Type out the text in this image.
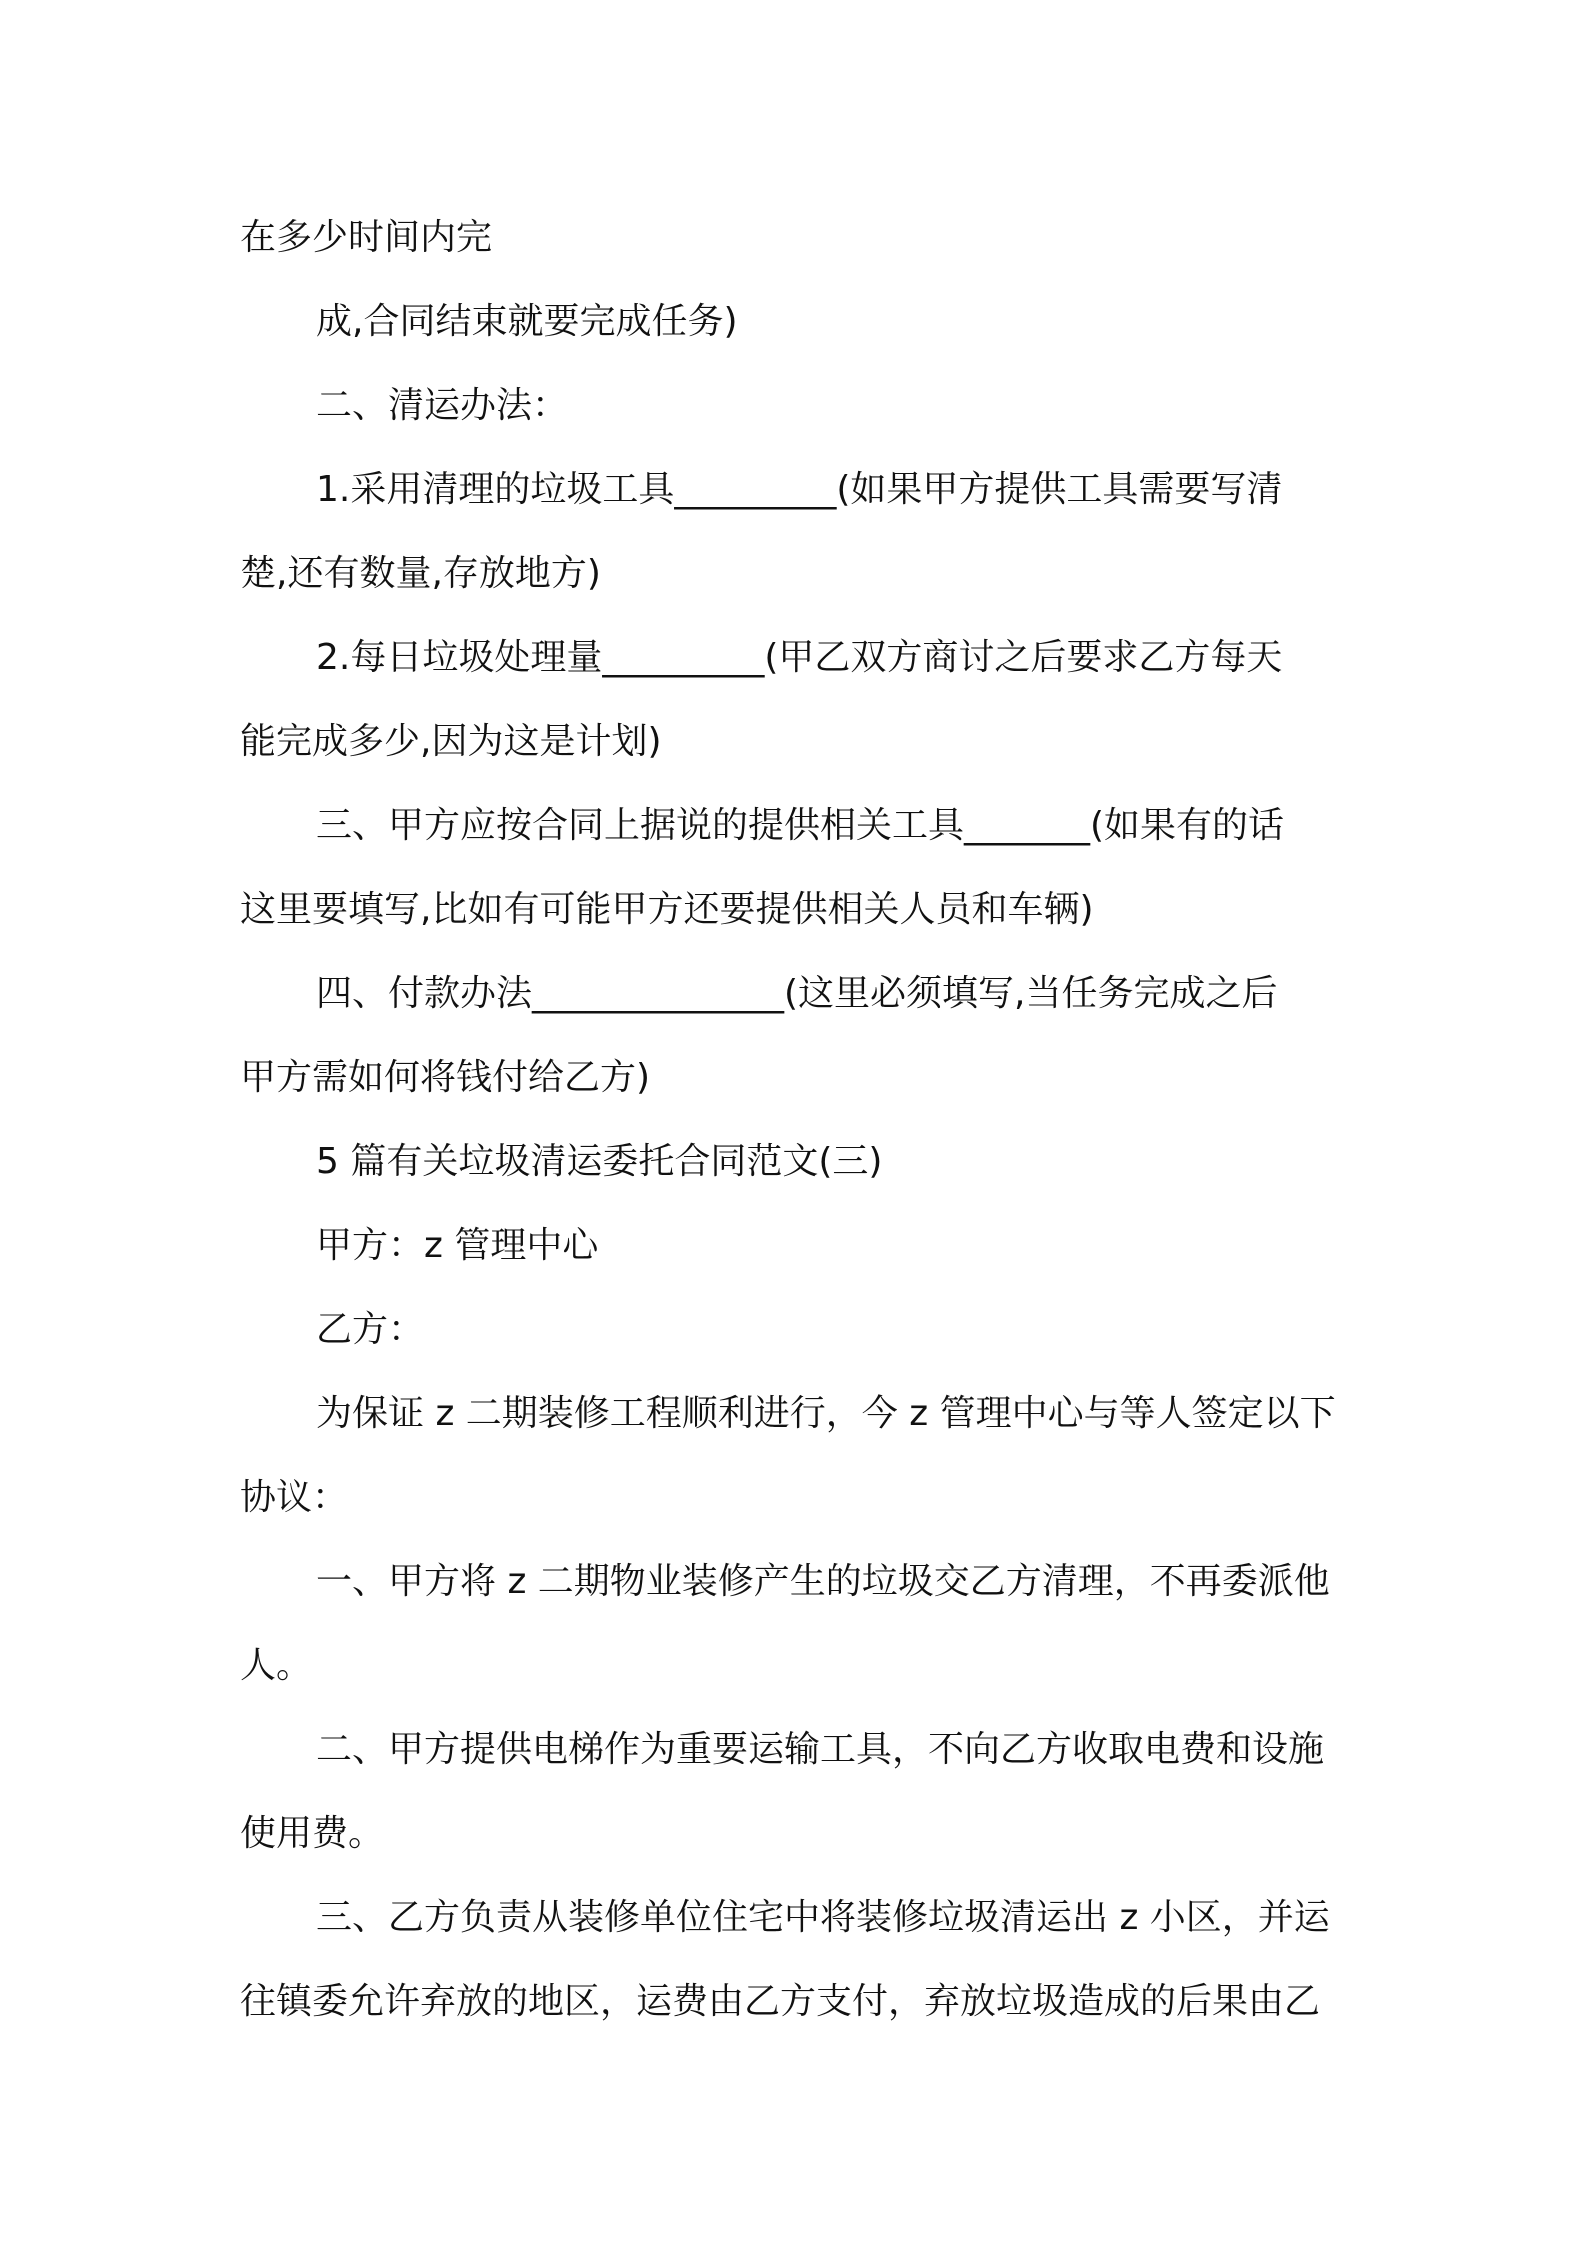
在多少时间内完
成,合同结束就要完成任务)
二、清运办法：
1.采用清理的垃圾工具_________(如果甲方提供工具需要写清
楚,还有数量,存放地方)
2.每日垃圾处理量_________(甲乙双方商讨之后要求乙方每天
能完成多少,因为这是计划)
三、甲方应按合同上据说的提供相关工具_______(如果有的话
这里要填写,比如有可能甲方还要提供相关人员和车辆)
四、付款办法______________(这里必须填写,当任务完成之后
甲方需如何将钱付给乙方)
5 篇有关垃圾清运委托合同范文(三)
甲方：z 管理中心
乙方：
为保证 z 二期装修工程顺利进行，今 z 管理中心与等人签定以下
协议：
一、甲方将 z 二期物业装修产生的垃圾交乙方清理，不再委派他
人。
二、甲方提供电梯作为重要运输工具，不向乙方收取电费和设施
使用费。
三、乙方负责从装修单位住宅中将装修垃圾清运出 z 小区，并运
往镇委允许弃放的地区，运费由乙方支付，弃放垃圾造成的后果由乙
